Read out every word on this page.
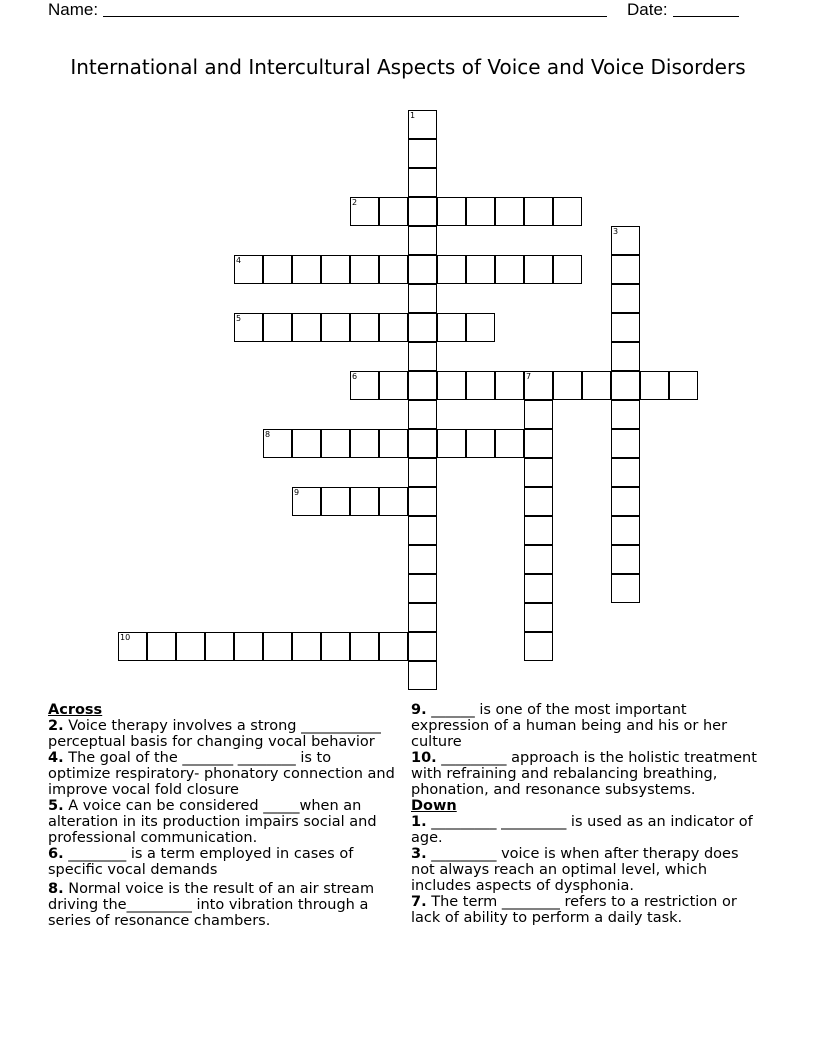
Name:	Date:
International and Intercultural Aspects of Voice and Voice Disorders
1
2
3
4
5
6	7
8
9
10

Across

2. Voice therapy involves a strong ___________ perceptual basis for changing vocal behavior

4. The goal of the _______ ________ is to optimize respiratory- phonatory connection and improve vocal fold closure

5. A voice can be considered _____when an alteration in its production impairs social and professional communication.

6. ________ is a term employed in cases of specific vocal demands

8. Normal voice is the result of an air stream driving the_________ into vibration through a series of resonance chambers.

9. ______ is one of the most important expression of a human being and his or her culture

10. _________ approach is the holistic treatment with refraining and rebalancing breathing, phonation, and resonance subsystems.

Down

1. _________ _________ is used as an indicator of age.

3. _________ voice is when after therapy does not always reach an optimal level, which includes aspects of dysphonia.

7. The term ________ refers to a restriction or lack of ability to perform a daily task.
